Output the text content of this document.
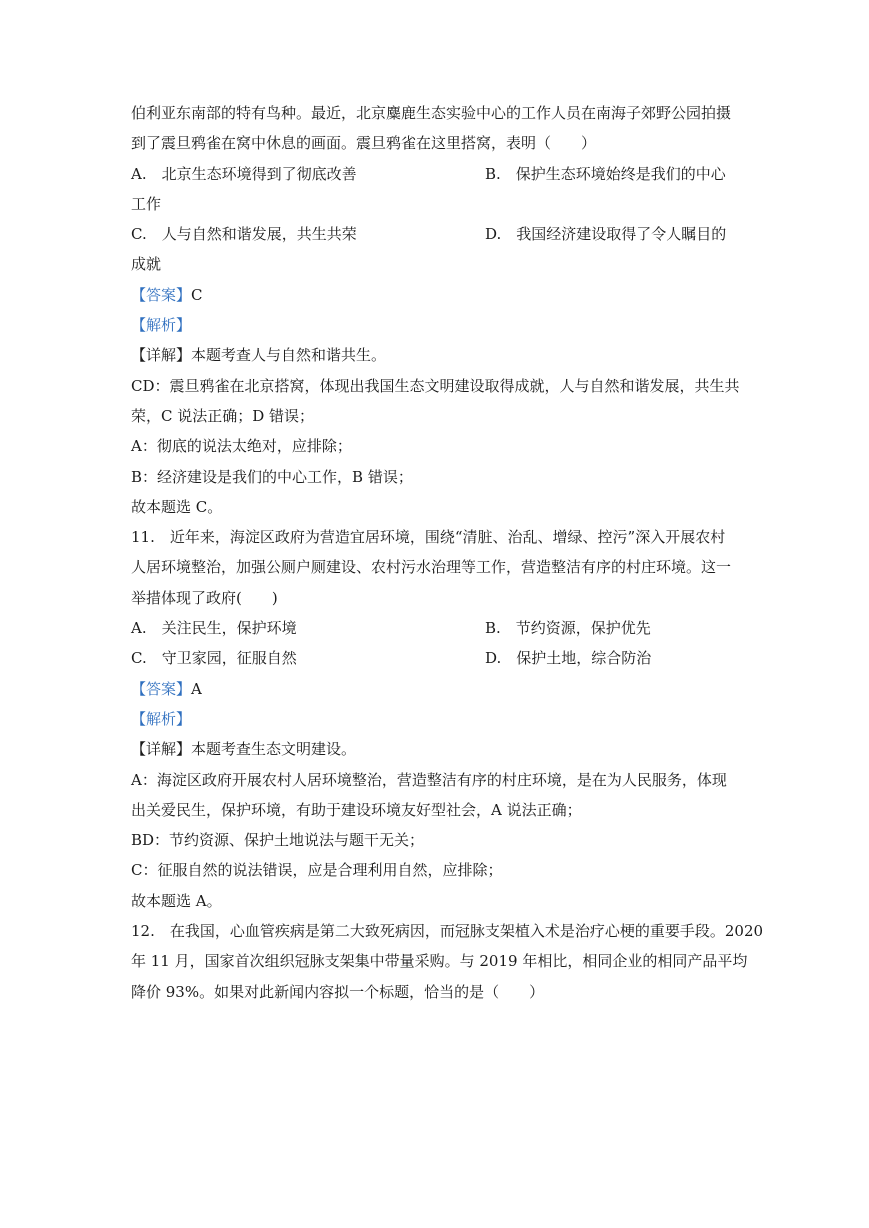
伯利亚东南部的特有鸟种。最近，北京麋鹿生态实验中心的工作人员在南海子郊野公园拍摄
到了震旦鸦雀在窝中休息的画面。震旦鸦雀在这里搭窝，表明（　　）
A.　北京生态环境得到了彻底改善	B.　保护生态环境始终是我们的中心
工作
C.　人与自然和谐发展，共生共荣	D.　我国经济建设取得了令人瞩目的
成就
【答案】C
【解析】
【详解】本题考查人与自然和谐共生。
CD：震旦鸦雀在北京搭窝，体现出我国生态文明建设取得成就，人与自然和谐发展，共生共
荣，C 说法正确；D 错误；
A：彻底的说法太绝对，应排除；
B：经济建设是我们的中心工作，B 错误；
故本题选 C。
11.　近年来，海淀区政府为营造宜居环境，围绕“清脏、治乱、增绿、控污”深入开展农村
人居环境整治，加强公厕户厕建设、农村污水治理等工作，营造整洁有序的村庄环境。这一
举措体现了政府(　　)
A.　关注民生，保护环境	B.　节约资源，保护优先
C.　守卫家园，征服自然	D.　保护土地，综合防治
【答案】A
【解析】
【详解】本题考查生态文明建设。
A：海淀区政府开展农村人居环境整治，营造整洁有序的村庄环境，是在为人民服务，体现
出关爱民生，保护环境，有助于建设环境友好型社会，A 说法正确；
BD：节约资源、保护土地说法与题干无关；
C：征服自然的说法错误，应是合理利用自然，应排除；
故本题选 A。
12.　在我国，心血管疾病是第二大致死病因，而冠脉支架植入术是治疗心梗的重要手段。2020
年 11 月，国家首次组织冠脉支架集中带量采购。与 2019 年相比，相同企业的相同产品平均
降价 93%。如果对此新闻内容拟一个标题，恰当的是（　　）
